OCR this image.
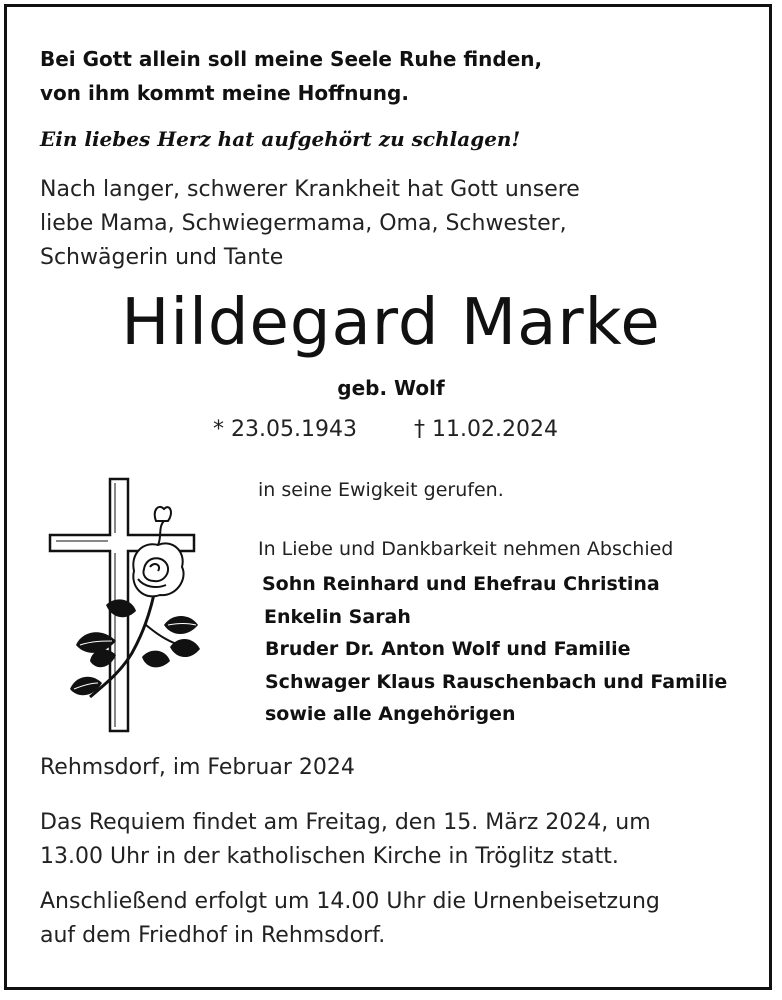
Bei Gott allein soll meine Seele Ruhe finden,
von ihm kommt meine Hoffnung.
Ein liebes Herz hat aufgehört zu schlagen!
Nach langer, schwerer Krankheit hat Gott unsere
liebe Mama, Schwiegermama, Oma, Schwester,
Schwägerin und Tante
Hildegard Marke
geb. Wolf
* 23.05.1943	† 11.02.2024
in seine Ewigkeit gerufen.
In Liebe und Dankbarkeit nehmen Abschied
Sohn Reinhard und Ehefrau Christina
Enkelin Sarah
Bruder Dr. Anton Wolf und Familie
Schwager Klaus Rauschenbach und Familie
sowie alle Angehörigen
Rehmsdorf, im Februar 2024
Das Requiem findet am Freitag, den 15. März 2024, um
13.00 Uhr in der katholischen Kirche in Tröglitz statt.
Anschließend erfolgt um 14.00 Uhr die Urnenbeisetzung
auf dem Friedhof in Rehmsdorf.
